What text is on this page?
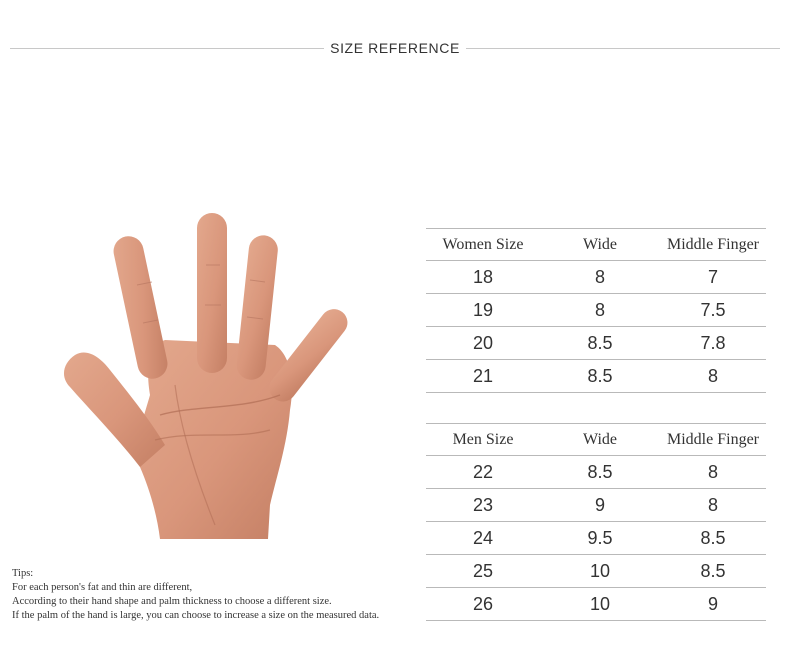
SIZE REFERENCE
Women Size	Wide	Middle Finger
18	8	7
19	8	7.5
20	8.5	7.8
21	8.5	8
Men Size	Wide	Middle Finger
22	8.5	8
23	9	8
24	9.5	8.5
25	10	8.5
26	10	9
Tips:
For each person's fat and thin are different,
According to their hand shape and palm thickness to choose a different size.
If the palm of the hand is large, you can choose to increase a size on the measured data.
